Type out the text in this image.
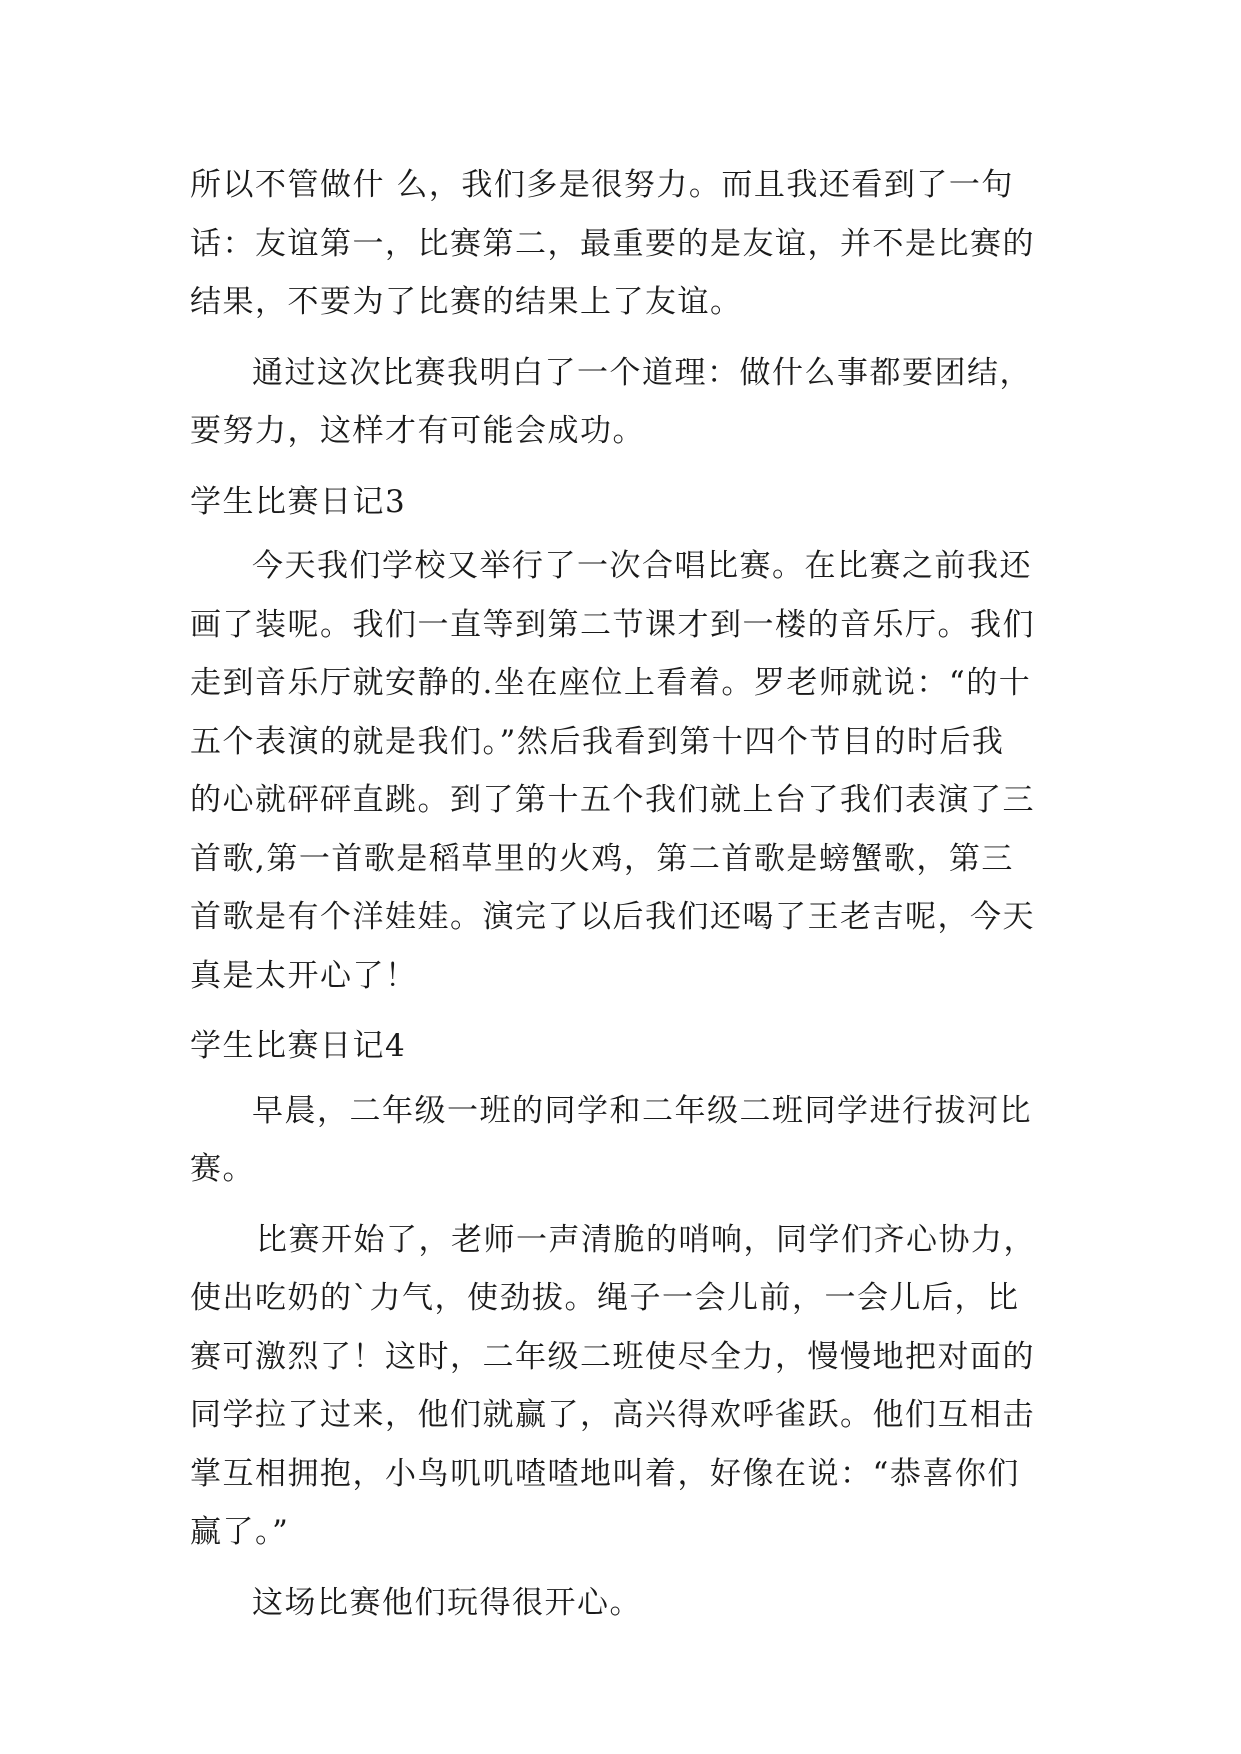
所以不管做什 么，我们多是很努力。而且我还看到了一句
话：友谊第一，比赛第二，最重要的是友谊，并不是比赛的
结果，不要为了比赛的结果上了友谊。

通过这次比赛我明白了一个道理：做什么事都要团结，
要努力，这样才有可能会成功。

学生比赛日记3

今天我们学校又举行了一次合唱比赛。在比赛之前我还
画了装呢。我们一直等到第二节课才到一楼的音乐厅。我们
走到音乐厅就安静的.坐在座位上看着。罗老师就说：“的十
五个表演的就是我们。”然后我看到第十四个节目的时后我
的心就砰砰直跳。到了第十五个我们就上台了我们表演了三
首歌,第一首歌是稻草里的火鸡，第二首歌是螃蟹歌，第三
首歌是有个洋娃娃。演完了以后我们还喝了王老吉呢，今天
真是太开心了！

学生比赛日记4

早晨，二年级一班的同学和二年级二班同学进行拔河比
赛。

比赛开始了，老师一声清脆的哨响，同学们齐心协力，
使出吃奶的`力气，使劲拔。绳子一会儿前，一会儿后，比
赛可激烈了！这时，二年级二班使尽全力，慢慢地把对面的
同学拉了过来，他们就赢了，高兴得欢呼雀跃。他们互相击
掌互相拥抱，小鸟叽叽喳喳地叫着，好像在说：“恭喜你们
赢了。”

这场比赛他们玩得很开心。
